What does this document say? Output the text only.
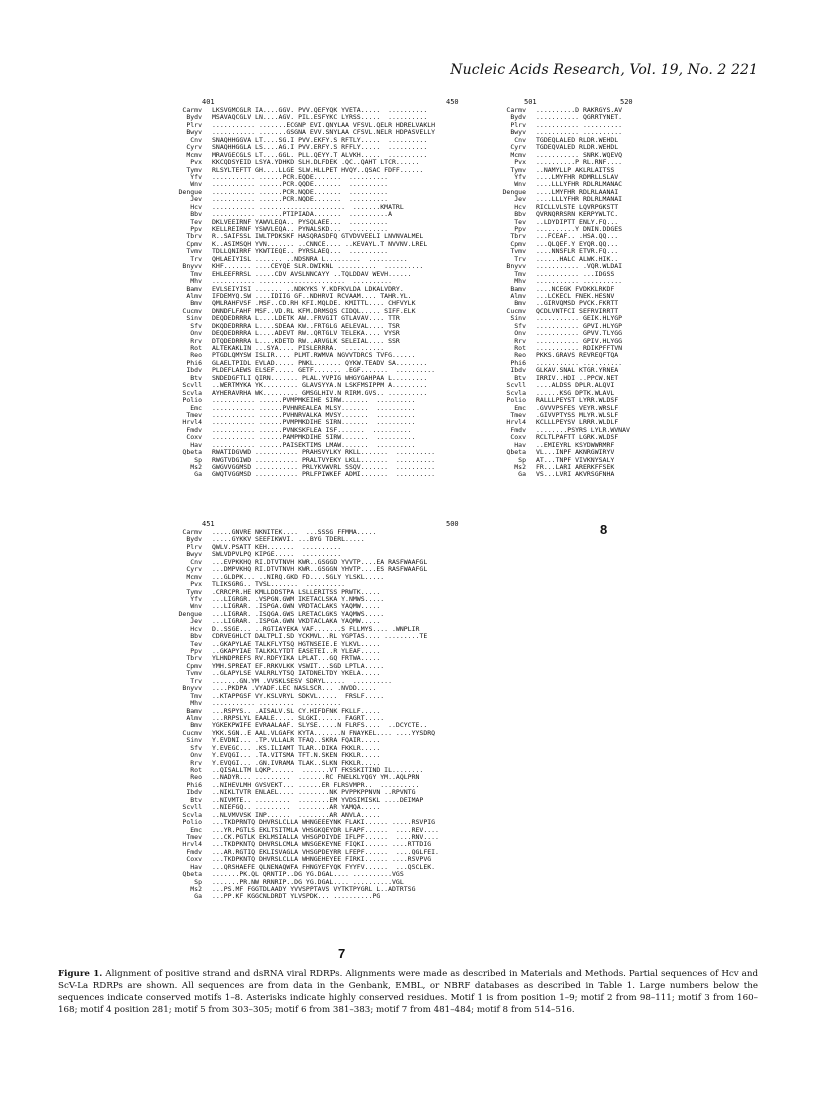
Nucleic Acids Research, Vol. 19, No. 2 221
401	450
Carmv LKSVGMCGLR IA....GGV. PVV.QEFYQK YVETA.....  ..........
Bydv MSAVAQCGLV LN....AGV. PIL.ESFYKC LYRSS.....  ..........
Plrv ........... .......ECGNP EVI.QNYLAA VFSVL.QELR HDRELVAKLH
Bwyv ........... .......GSGNA EVV.SNYLAA CFSVL.NELR HDPASVELLY
Cnv SNAQHHGGVA LT....SG.I PVV.EKFY.S RFTLY.....  ..........
Cyrv SNAQHHGGLA LS....AG.I PVV.ERFY.S RFFLY.....  ..........
Mcmv MRAVGECGLS LT....GGL. PLL.QEYY.T ALVKH.....  ..........
Pvx KKCQDSYEID LSYA.YDHKD SLH.DLFDEK .QC..QAHT LTCR......
Tymv RLSYLTEFTT GH....LLGE SLW.HLLPET HVQY..QSAC FDFF......
Yfv ........... ......PCR.EQDE.......  ..........
Wnv ........... ......PCR.QQDE.......  ..........
Dengue ........... ......PCR.NQDE.......  ..........
Jev ........... ......PCR.NQDE.......  ..........
Hcv ........... ......................  .......KMATRL
Bbv ........... ......PTIPIADA.......  ..........A
Tev DKLVEEIRNF YAWVLEQA.. PYSQLAEE...  ..........
Ppv KELLREIRNF YSWVLEQA.. PYNALSKD...  ..........
Tbrv R..SAIFSSL IWLTPDKSKF HASQRASDFQ GTVDVVEELI LNVNVALMEL
Cpmv K..ASIMSQH YVN....... ..CNNCE.... ..KEVAYL.T NVVNV.LREL
Tvmv TDLLQNIRRF YKWTIEQE.. PYRSLAEQ...  ..........
Trv QHLAEIYISL ....... ..NDSNRA L.........  ..........
Bnyvv KHF....... ....CEYQE SLR.DWIKNL ..........  ..........
Tmv EHLEEFRRSL .....CDV AVSLNNCAYY ..TQLDDAV WEVH......
Mhv ........... ......................  ..........
Bamv EVLSEIYISI ....... ..NDKYKS Y.KDFKVLDA LDKALVDRY.
Almv IFDEMYQ.SW ....IDIIG GF..NDHRVI RCVAAM.... TAHR.YL.
Bmv QMLRAHFVSF .MSF..CD.RH KFI.MQLDE. KMITTL.... CHFVYLK
Cucmv DNNDFLFAHF MSF..VD.RL KFM.DRMSQS CIDQL..... SIFF.ELK
Sinv DEQDEDRRRA L....LDETK AW..FRVGIT GTLAVAV.... TTR
Sfv DKQDEDRRRA L....SDEAA KW..FRTGLG AELEVAL.... TSR
Onv DEQDEDRRRA L....ADEVT RW..QRTGLV TELEKA.... VYSR
Rrv DTQDEDRRRA L....KDETD RW..ARVGLK SELEIAL.... SSR
Rot ALTEKAKLIN ...SYA.... PISLERRRA.  ..........
Reo PTGDLQMYSW ISLIR.... PLMT.RWMVA NGVVTDRCS TVFG......
Phi6 GLAELTPIDL EVLAD..... PNKL....... QYKW.TEADV SA........
Ibdv PLDEFLAEWS ELSEF..... GETF....... .EGF.......  ..........
Btv SNDEDGFTLI QIRN....... PLAL.YVPIG WHGYGAHPAA L.........
Scvll ..WERTMYKA YK......... GLAVSYYA.N LSKFMSIPPM A.........
Scvla AYHERAVRHA WK......... GMSGLHIV.N RIRM.GVS.. ..........
Polio ........... ......PVMPMKEIHE SIRW.......  ..........
Emc ........... ......PVHNREALEA MLSY.......  ..........
Tmev ........... ......PVHNRVALKA MVSY.......  ..........
Hrvl4 ........... ......PVMPMKDIHE SIRN.......  ..........
Fmdv ........... ......PVNKSKFLEA ISF.......  ..........
Coxv ........... ......PAMPMKDIHE SIRW.......  ..........
Hav ........... ......PAISEKTIMS LMAW.......  ..........
Qbeta RWATIDGVWD ........... PRAHSVYLKY RKLL.......  ..........
Sp RWGTVDGIWD ........... PRALTVYEKY LKLL.......  ..........
Ms2 GWGVVGGMSD ........... PRLYKVWVRL SSQV.......  ..........
Ga GWQTVGGMSD ........... PRLFPIWKEF ADMI.......  ..........
451	500
Carmv .....GNVRE NKNITEK....  ...SSSG FFMMA.....
Bydv .....GYKKV SEEFIKWVI. ...BYG TDERL.....
Plrv QWLV.PSATT KEH.......  ..........
Bwyv SWLVDPVLPQ KIPGE.....  ..........
Cnv ...EVPKKHQ RI.DTVTNVH KWR..GSGGD YVVTP....EA RASFWAAFGL
Cyrv ...DMPVKHQ RI.DTVTNVH KWR..GSGGN YHVTP....ES RASFWAAFGL
Mcmv ...GLDPK... ..NIRQ.GKD FD....SGLY YLSKL.....
Pvx TLIKSGRG.. TVSL.......  ..........
Tymv .CRRCPR.HE KMLLDDSTPA LSLLERITSS PRWTK.....
Yfv ...LIGRGR. .VSPGN.GWM IKETACLSKA Y.NMWS.....
Wnv ...LIGRAR. .ISPGA.GWN VRDTACLAKS YAQMW.....
Dengue ...LIGRAR. .ISQGA.GWS LRETACLGKS YAQMWS.....
Jev ...LIGRAR. .ISPGA.GWN VKDTACLAKA YAQMW.....
Hcv D..SSGE... ..RGTIAYEKA VAF.......S FLLMYS.... .WNPLIR
Bbv CDRVEGHLCT DALTPLI.SD YCKMVL..RL YGPTAS.... .........TE
Tev ..GKAPYLAE TALKFLYTSQ HGTNSEIE.E YLKVL.....
Ppv ..GKAPYIAE TALKKLYTDT EASETEI..R YLEAF.....
Tbrv YLHNDPREFS RV.RDFYIKA LPLAT...GQ FRTWA.....
Cpmv YMH.SPREAT EF.RRKVLKK VSWIT...SGD LPTLA.....
Tvmv ..GLAPYLSE VALRRLYTSQ IATDNELTDY YKELA.....
Trv .......GN.YM .VVSKLSESV SDRYL.....  ..........
Bnyvv ....PKDPA .VYADF.LEC NASLSCR... .NVDD.....
Tmv ..KTAPPGSF VY.KSLVRYL SDKVL.....  FRSLF.....
Mhv ........... .........  ..........
Bamv ...RSPYS.. .AISALV.SL CY.HIFDFNK FKLLF.....
Almv ...RRPSLYL EAALE..... SLGKI...... FAGRT.....
Bmv YGKEKPWIFE EVRAALAAF. SLYSE.....N FLRFS....  ..DCYCTE..
Cucmv YKK.SGN..E AAL.VLGAFK KYTA.......N FNAYKEL.... ....YYSDRQ
Sinv Y.EVDNI... .TP.VLLALR TFAQ..SKRA FQAIR.....
Sfv Y.EVEGC... .KS.ILIAMT TLAR..DIKA FKKLR.....
Onv Y.EVQGI... .TA.VITSMA TFT.N.SKEN FKKLR.....
Rrv Y.EVQGI... .GN.IVRAMA TLAK..SLKN FKKLR.....
Rot ..QISALLTM LQKP......  .......VT FKSSKITIND IL........
Reo ..NADYR... .........  .......RC FNELKLYQGY YM..AQLPRN
Phi6 ..NIHEVLMH GVSVEKT... ......ER FLRSVMPR..  ..........
Ibdv ..NIKLTVTR ENLAEL.... ........NK PVPPKPPNVN ..RPVNTG
Btv ..NIVMTE.. .........  ........EM YVDSIMISKL ....DEIMAP
Scvll ..NIEFGQ.. .........  ........AR YAMQA.....
Scvla ..NLVMVVSK INP......  ........AR ANVLA.....
Polio ...TKDPRNTQ DHVRSLCLLA WHNGEEEYNK FLAKI...... .....RSVPIG
Emc ...YR.PGTLS EKLTSITMLA VHSGKQEYDR LFAPF......  ....REV....
Tmev ...CK.PGTLK EKLMSIALLA VHSGPDIYDE IFLPF......  ....RNV....
Hrvl4 ...TKDPKNTQ DHVRSLCMLA WNSGEKEYNE FIQKI...... ....RTTDIG
Fmdv ...AR.RGTIQ EKLISVAGLA VHSGPDEYRR LFEPF......  ....QGLFEI.
Coxv ...TKDPKNTQ DHVRSLCLLA WHNGEHEYEE FIRKI...... ....RSVPVG
Hav ...QRSHAEFE QLNENAQWFA FHNGYEFYQK FYYFV......  ...QSCLEK.
Qbeta .......PK.QL QRNTIP..DG YG.DGAL.... ..........VGS
Sp .......PR.NW RRNRIP..DG YG.DGAL.... ..........VGL
Ms2 ...PS.MF FGGTDLAADY YVVSPPTAVS VYTKTPYGRL L..ADTRTSG
Ga ...PP.KF KGGCNLDRDT YLVSPDK... ..........PG
7
501	520
Carmv ..........D RAKRGYS.AV
Bydv ........... QGRRTYNET.
Plrv ........... ..........
Bwyv ........... ..........
Cnv TGDEQLALED RLDR.WEHDL
Cyrv TGDEQVALED RLDR.WEHDL
Mcmv ........... SNRK.WQEVQ
Pvx ..........P RL.RNF....
Tymv ..NAMYLLP AKLRLAITSS
Yfv ....LMYFHR RDMRLLSLAV
Wnv ....LLLYFHR RDLRLMANAC
Dengue ....LMYFHR RDLRLAANAI
Jev ....LLLYFHR RDLRLMANAI
Hcv RICLLVLSTE LQVRPGKSTT
Bbv QVRNQRRSRN KERPYWLTC.
Tev ..LDYDIPTT ENLY.FQ...
Ppv ..........Y DNIN.DDGES
Tbrv ...FCEAF.. .HSA.QQ...
Cpmv ...QLQEF.Y EYQR.QQ...
Tvmv ....NNSFLR ETVR.FQ...
Trv ......HALC ALWK.HIK..
Bnyvv ........... .VQR.WLDAI
Tmv ........... ...IDGSS
Mhv ........... ..........
Bamv ....NCEGK FVDKKLRKDF
Almv ...LCKECL FNEK.HESNV
Bmv ..GIRVQMSD PVCK.FKRTT
Cucmv QCDLVNTFCI SEFRVIRRTT
Sinv ........... GEIK.HLYGP
Sfv ........... GPVI.HLYGP
Onv ........... GPVV.TLYGG
Rrv ........... GPIV.HLYGG
Rot ........... RDIKPFFTVN
Reo PKKS.GRAVS REVREQFTQA
Phi6 ........... ..........
Ibdv GLKAV.SNAL KTGR.YRNEA
Btv IRRIV..HDI ..PPCW.NET
Scvll ....ALDSS DPLR.ALQVI
Scvla ......KSG DPTK.WLAVL
Polio RALLLPEYST LYRR.WLDSF
Emc .GVVVPSFES VEYR.WRSLF
Tmev .GIVVPTYSS MLYR.WLSLF
Hrvl4 KCLLLPEYSV LRRR.WLDLF
Fmdv ........PSYRS LYLR.WVNAV
Coxv RCLTLPAFTT LGRK.WLDSF
Hav ..EMIEYRL KSYDWWRMRF
Qbeta VL...INPF AKNRGWIRYV
Sp AT...TNPF VIVKNYSALY
Ms2 FR...LARI ARERKFFSEK
Ga VS...LVRI AKVRSGFNHA
8
Figure 1. Alignment of positive strand and dsRNA viral RDRPs. Alignments were made as described in Materials and Methods. Partial sequences of Hcv and ScV-La RDRPs are shown. All sequences are from data in the Genbank, EMBL, or NBRF databases as described in Table 1. Large numbers below the sequences indicate conserved motifs 1–8. Asterisks indicate highly conserved residues. Motif 1 is from position 1–9; motif 2 from 98–111; motif 3 from 160–168; motif 4 position 281; motif 5 from 303–305; motif 6 from 381–383; motif 7 from 481–484; motif 8 from 514–516.
